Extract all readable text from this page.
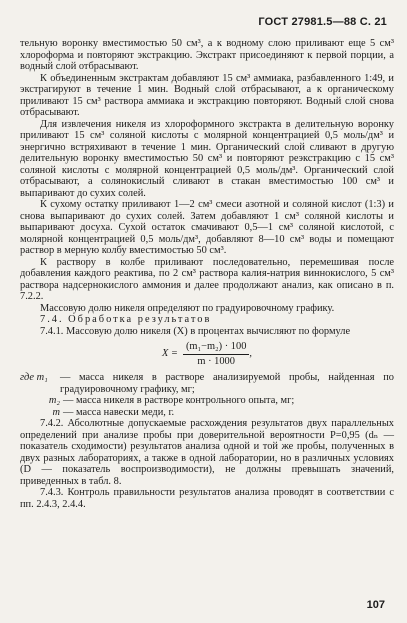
ГОСТ 27981.5—88 С. 21

тельную воронку вместимостью 50 см³, а к водному слою приливают еще 5 см³ хлороформа и повторяют экстракцию. Экстракт присоединяют к первой порции, а водный слой отбрасывают.

К объединенным экстрактам добавляют 15 см³ аммиака, разбавленного 1:49, и экстрагируют в течение 1 мин. Водный слой отбрасывают, а к органическому приливают 15 см³ раствора аммиака и экстракцию повторяют. Водный слой снова отбрасывают.

Для извлечения никеля из хлороформного экстракта в делительную воронку приливают 15 см³ соляной кислоты с молярной концентрацией 0,5 моль/дм³ и энергично встряхивают в течение 1 мин. Органический слой сливают в другую делительную воронку вместимостью 50 см³ и повторяют реэкстракцию с 15 см³ соляной кислоты с молярной концентрацией 0,5 моль/дм³. Органический слой отбрасывают, а солянокислый сливают в стакан вместимостью 100 см³ и выпаривают до сухих солей.

К сухому остатку приливают 1—2 см³ смеси азотной и соляной кислот (1:3) и снова выпаривают до сухих солей. Затем добавляют 1 см³ соляной кислоты и выпаривают досуха. Сухой остаток смачивают 0,5—1 см³ соляной кислотой, с молярной концентрацией 0,5 моль/дм³, добавляют 8—10 см³ воды и помещают раствор в мерную колбу вместимостью 50 см³.

К раствору в колбе приливают последовательно, перемешивая после добавления каждого реактива, по 2 см³ раствора калия-натрия виннокислого, 5 см³ раствора надсернокислого аммония и далее продолжают анализ, как описано в п. 7.2.2.

Массовую долю никеля определяют по градуировочному графику.

7.4. Обработка результатов

7.4.1. Массовую долю никеля (X) в процентах вычисляют по формуле

$X = \frac{\text{(m₁−m₂) · 100}}{m \cdot 1000}$ ,
где m₁	— масса никеля в растворе анализируемой пробы, найденная по градуировочному графику, мг;
m₂ — масса никеля в растворе контрольного опыта, мг;
m — масса навески меди, г.

7.4.2. Абсолютные допускаемые расхождения результатов двух параллельных определений при анализе пробы при доверительной вероятности P=0,95 (dₙ — показатель сходимости) результатов анализа одной и той же пробы, полученных в двух разных лабораториях, а также в одной лаборатории, но в различных условиях (D — показатель воспроизводимости), не должны превышать значений, приведенных в табл. 8.

7.4.3. Контроль правильности результатов анализа проводят в соответствии с пп. 2.4.3, 2.4.4.

107
